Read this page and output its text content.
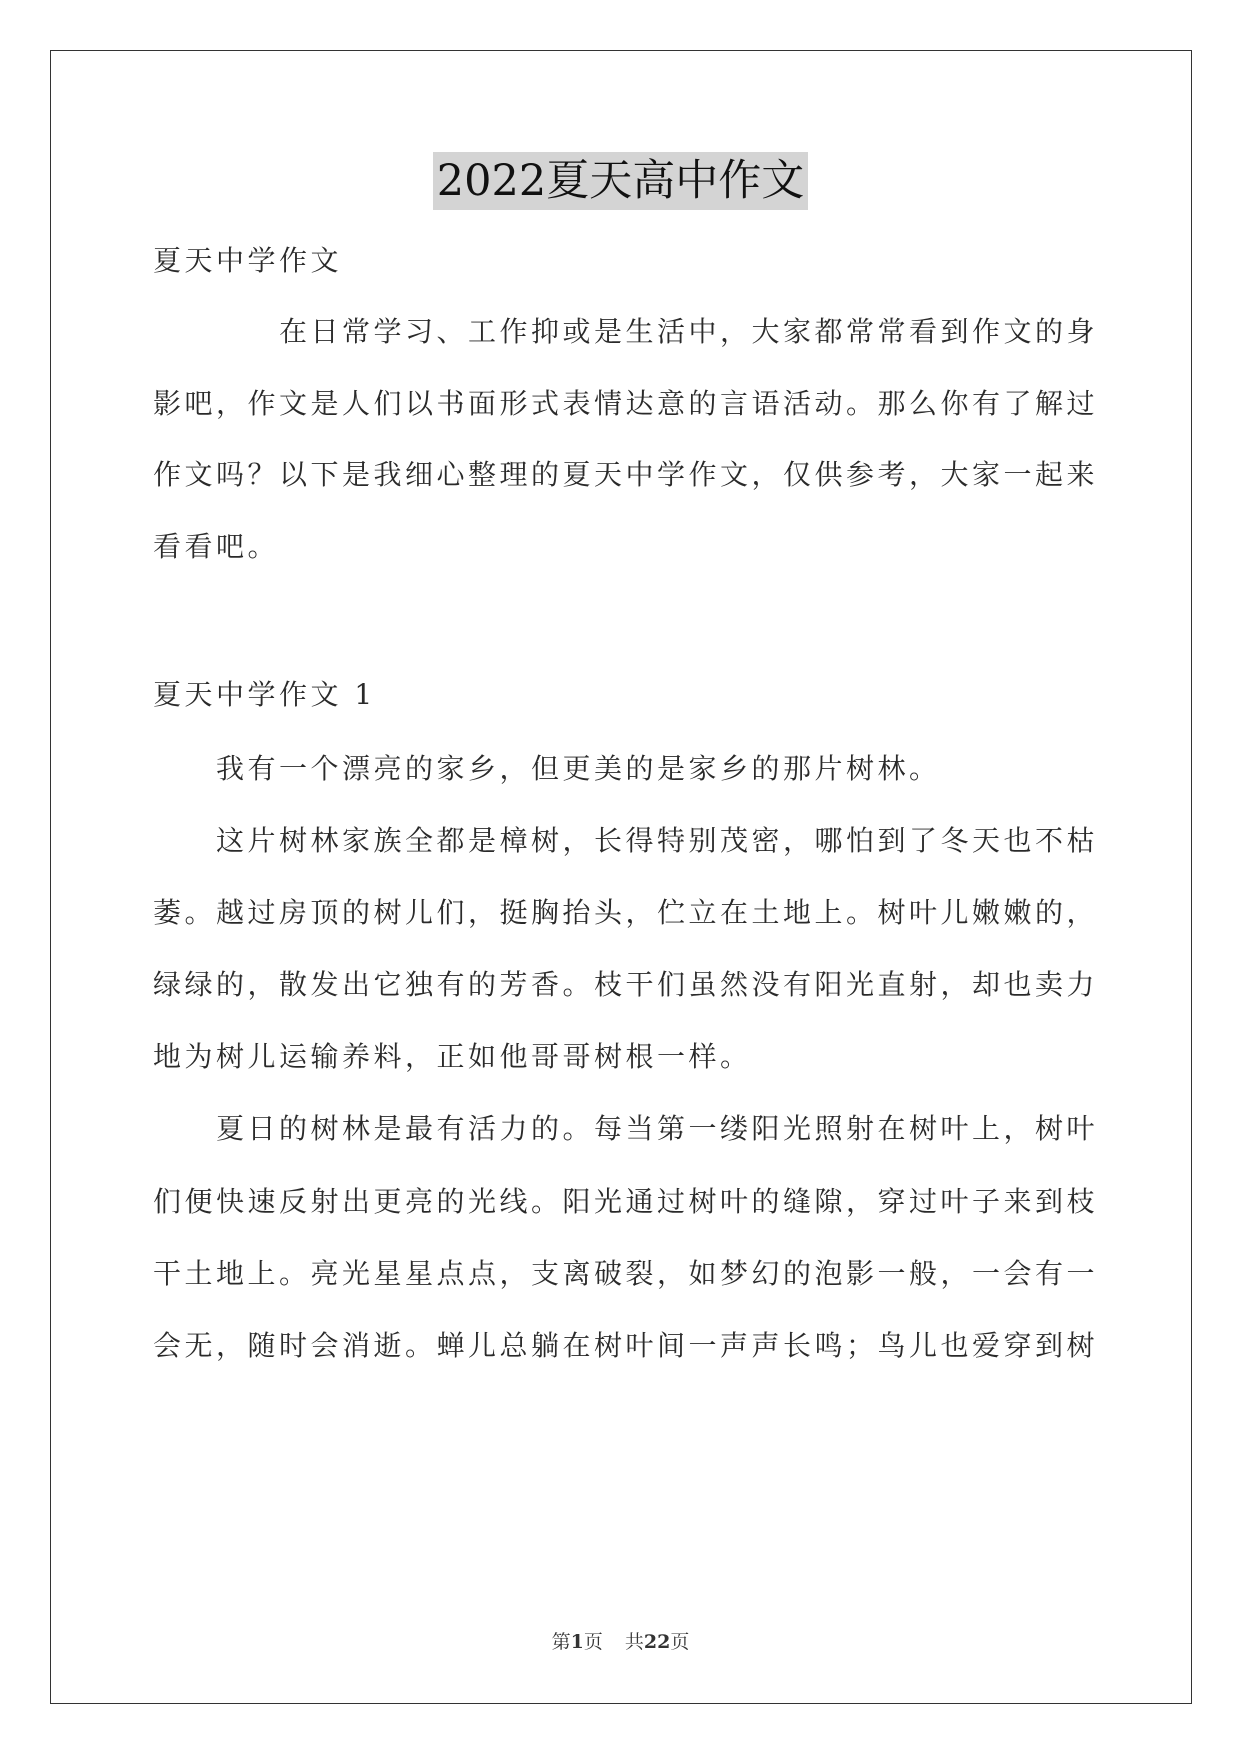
2022夏天高中作文
夏天中学作文
　　　　在日常学习、工作抑或是生活中，大家都常常看到作文的身
影吧，作文是人们以书面形式表情达意的言语活动。那么你有了解过
作文吗？以下是我细心整理的夏天中学作文，仅供参考，大家一起来
看看吧。
夏天中学作文 1
　　我有一个漂亮的家乡，但更美的是家乡的那片树林。
　　这片树林家族全都是樟树，长得特别茂密，哪怕到了冬天也不枯
萎。越过房顶的树儿们，挺胸抬头，伫立在土地上。树叶儿嫩嫩的，
绿绿的，散发出它独有的芳香。枝干们虽然没有阳光直射，却也卖力
地为树儿运输养料，正如他哥哥树根一样。
　　夏日的树林是最有活力的。每当第一缕阳光照射在树叶上，树叶
们便快速反射出更亮的光线。阳光通过树叶的缝隙，穿过叶子来到枝
干土地上。亮光星星点点，支离破裂，如梦幻的泡影一般，一会有一
会无，随时会消逝。蝉儿总躺在树叶间一声声长鸣；鸟儿也爱穿到树
第1页 共22页
